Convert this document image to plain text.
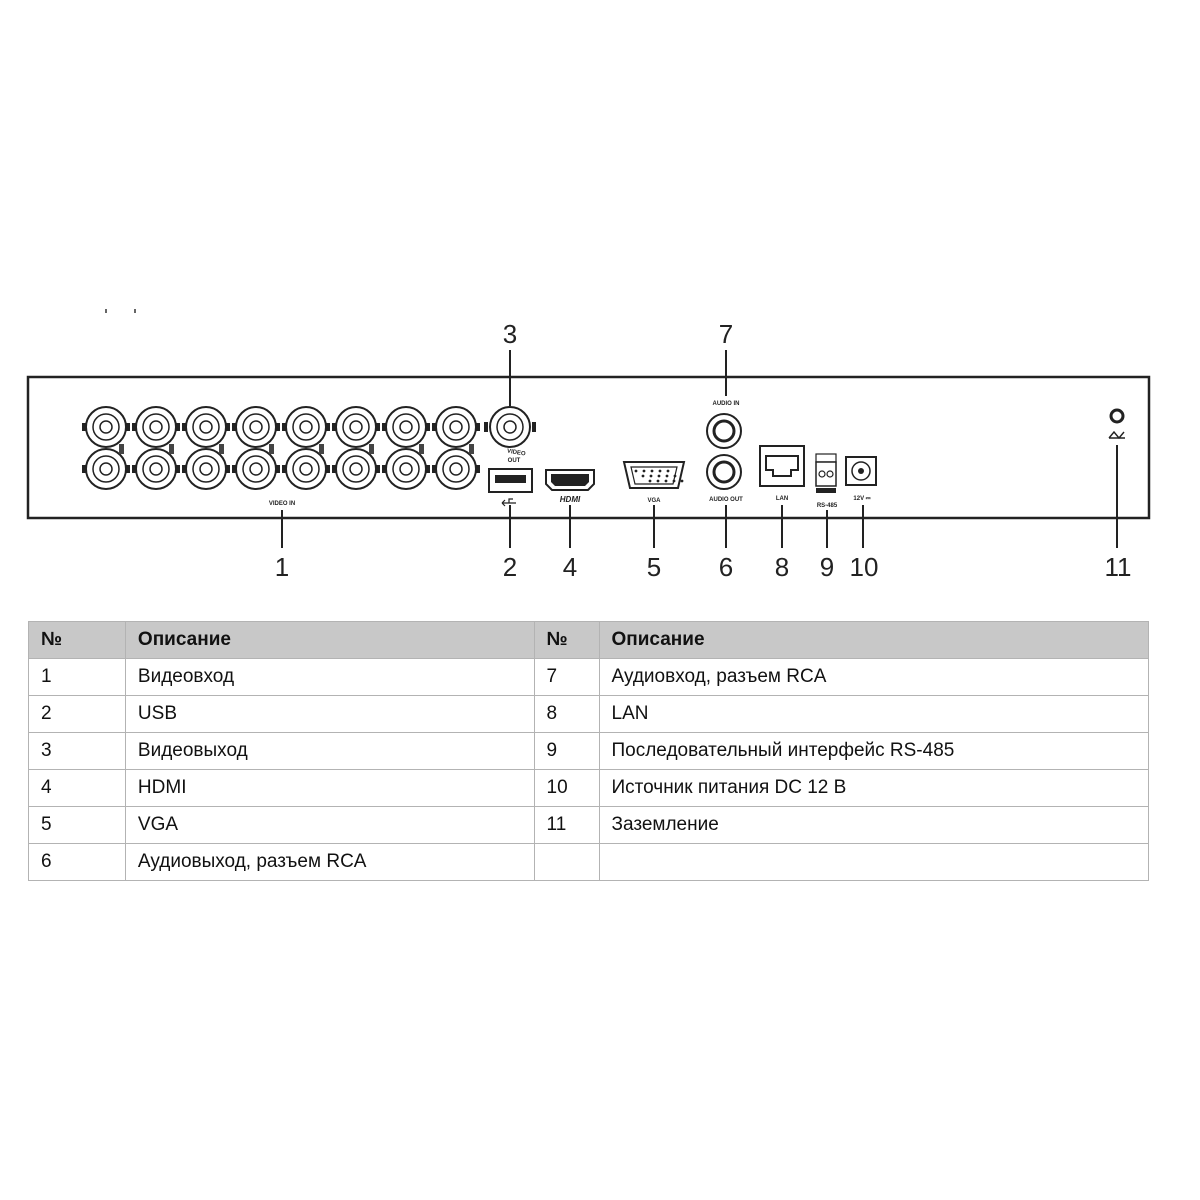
VIDEO IN
VIDEO
OUT
HDMI	VGA
AUDIO IN
AUDIO OUT	LAN
RS-485
12V ⎓
1	2
3
4	5 6
7
8 9 10	11
№	Описание	№	Описание
1	Видеовход	7	Аудиовход, разъем RCA
2	USB	8	LAN
3	Видеовыход	9	Последовательный интерфейс RS-485
4	HDMI	10	Источник питания DC 12 В
5	VGA	11	Заземление
6	Аудиовыход, разъем RCA		
